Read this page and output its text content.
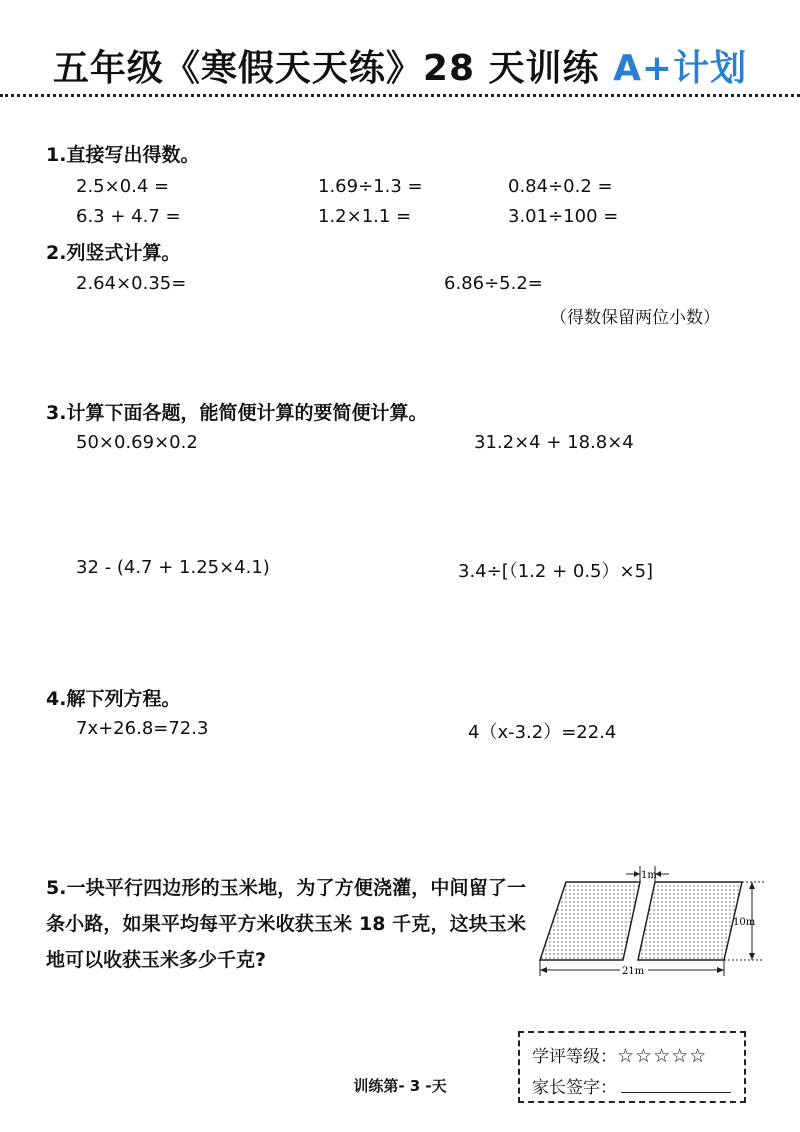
五年级《寒假天天练》28 天训练 A+计划
1.直接写出得数。
2.5×0.4 =	1.69÷1.3 =	0.84÷0.2 =
6.3 + 4.7 =	1.2×1.1 =	3.01÷100 =
2.列竖式计算。
2.64×0.35=	6.86÷5.2=
（得数保留两位小数）
3.计算下面各题，能简便计算的要简便计算。
50×0.69×0.2	31.2×4 + 18.8×4
32 - (4.7 + 1.25×4.1)	3.4÷[（1.2 + 0.5）×5]
4.解下列方程。
7x+26.8=72.3	4（x-3.2）=22.4
5.一块平行四边形的玉米地，为了方便浇灌，中间留了一条小路，如果平均每平方米收获玉米 18 千克，这块玉米地可以收获玉米多少千克?
1m
10m
21m
学评等级：☆☆☆☆☆
家长签字：
训练第- 3 -天
